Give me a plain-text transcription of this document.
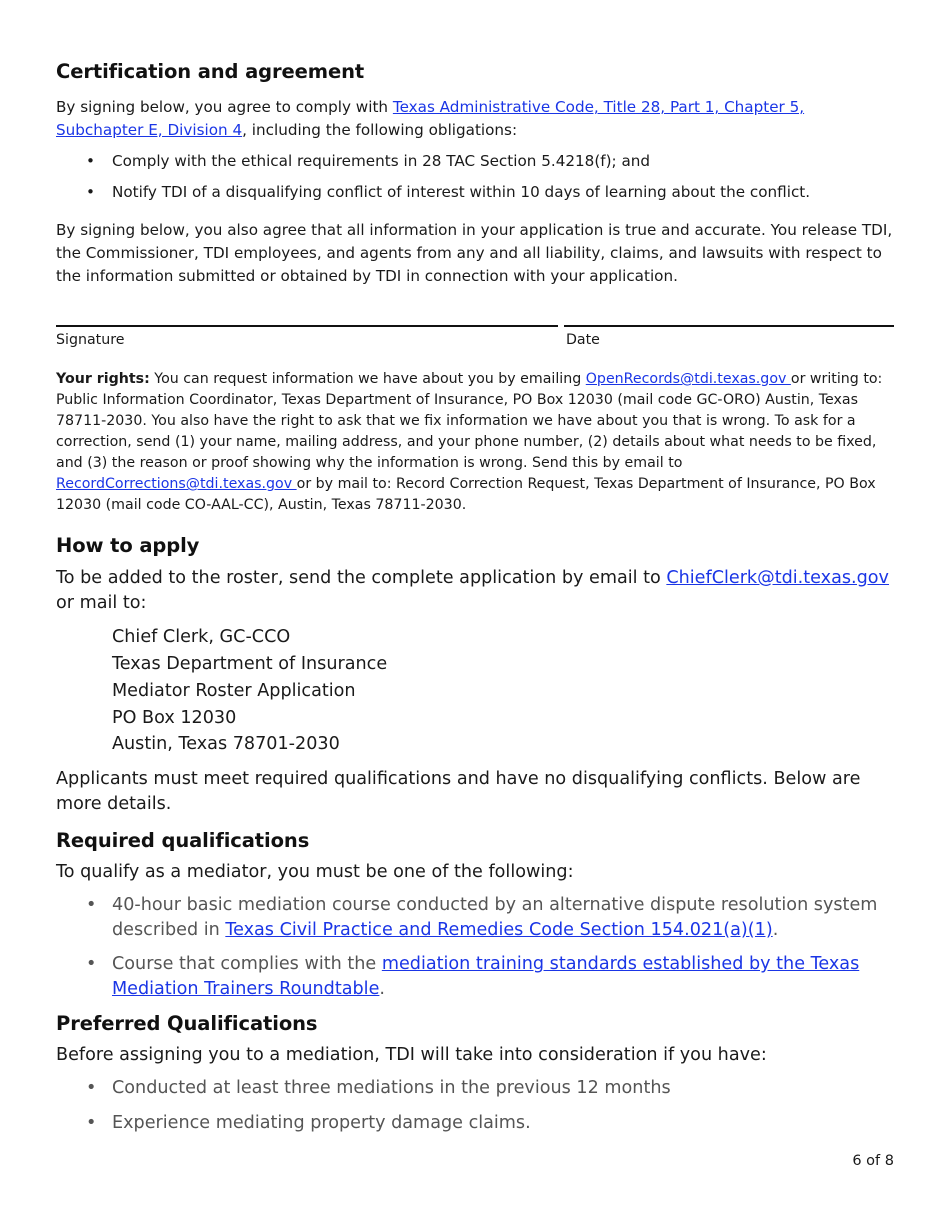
Certification and agreement

By signing below, you agree to comply with Texas Administrative Code, Title 28, Part 1, Chapter 5, Subchapter E, Division 4, including the following obligations:

• Comply with the ethical requirements in 28 TAC Section 5.4218(f); and
• Notify TDI of a disqualifying conflict of interest within 10 days of learning about the conflict.

By signing below, you also agree that all information in your application is true and accurate. You release TDI, the Commissioner, TDI employees, and agents from any and all liability, claims, and lawsuits with respect to the information submitted or obtained by TDI in connection with your application.

Signature	Date

Your rights: You can request information we have about you by emailing OpenRecords@tdi.texas.gov or writing to: Public Information Coordinator, Texas Department of Insurance, PO Box 12030 (mail code GC-ORO) Austin, Texas 78711-2030. You also have the right to ask that we fix information we have about you that is wrong. To ask for a correction, send (1) your name, mailing address, and your phone number, (2) details about what needs to be fixed, and (3) the reason or proof showing why the information is wrong. Send this by email to RecordCorrections@tdi.texas.gov or by mail to: Record Correction Request, Texas Department of Insurance, PO Box 12030 (mail code CO-AAL-CC), Austin, Texas 78711-2030.

How to apply

To be added to the roster, send the complete application by email to ChiefClerk@tdi.texas.gov or mail to:

Chief Clerk, GC-CCO
Texas Department of Insurance
Mediator Roster Application
PO Box 12030
Austin, Texas 78701-2030

Applicants must meet required qualifications and have no disqualifying conflicts. Below are more details.

Required qualifications

To qualify as a mediator, you must be one of the following:

• 40-hour basic mediation course conducted by an alternative dispute resolution system described in Texas Civil Practice and Remedies Code Section 154.021(a)(1).
• Course that complies with the mediation training standards established by the Texas Mediation Trainers Roundtable.
Preferred Qualifications

Before assigning you to a mediation, TDI will take into consideration if you have:

• Conducted at least three mediations in the previous 12 months
• Experience mediating property damage claims.
6 of 8
